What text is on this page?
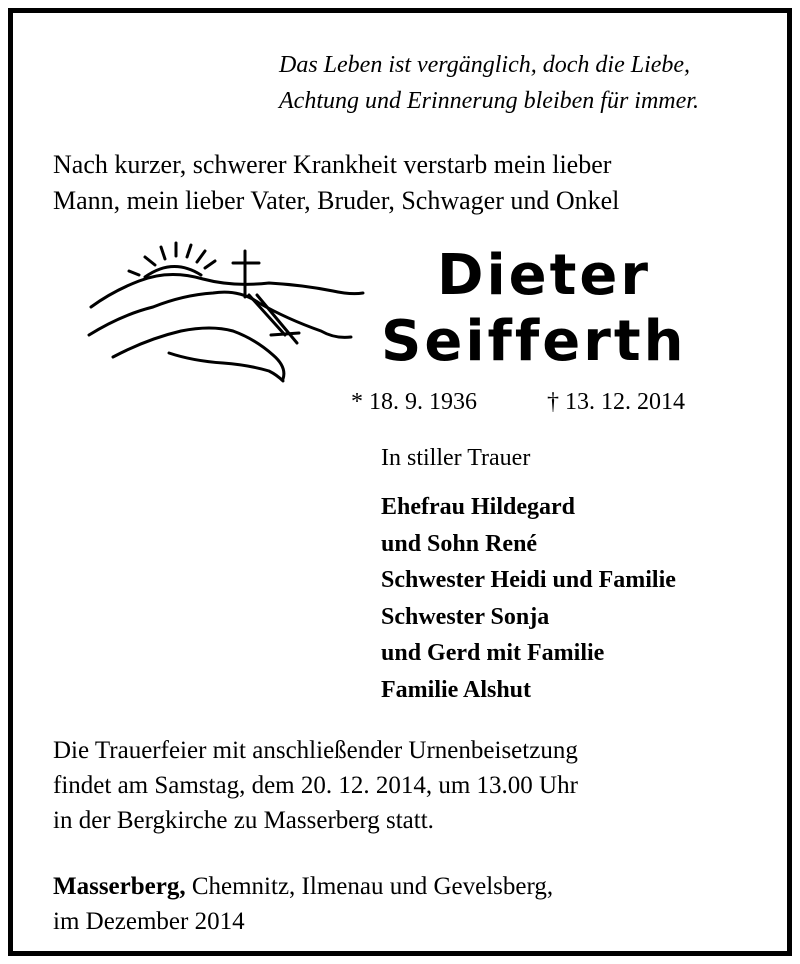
Das Leben ist vergänglich, doch die Liebe,
Achtung und Erinnerung bleiben für immer.
Nach kurzer, schwerer Krankheit verstarb mein lieber
Mann, mein lieber Vater, Bruder, Schwager und Onkel
Dieter
Seifferth
* 18. 9. 1936	† 13. 12. 2014
In stiller Trauer
Ehefrau Hildegard
und Sohn René
Schwester Heidi und Familie
Schwester Sonja
und Gerd mit Familie
Familie Alshut
Die Trauerfeier mit anschließender Urnenbeisetzung
findet am Samstag, dem 20. 12. 2014, um 13.00 Uhr
in der Bergkirche zu Masserberg statt.
Masserberg, Chemnitz, Ilmenau und Gevelsberg,
im Dezember 2014
